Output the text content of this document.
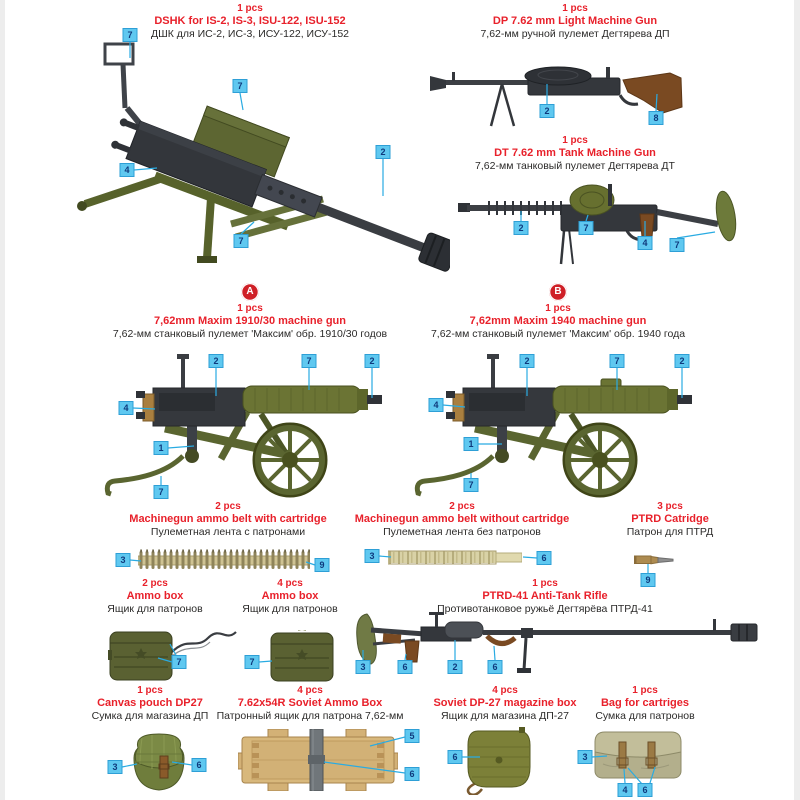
1 pcs
DSHK for IS-2, IS-3, ISU-122, ISU-152
ДШК для ИС-2, ИС-3, ИСУ-122, ИСУ-152
1 pcs
DP 7.62 mm Light Machine Gun
7,62-мм ручной пулемет Дегтярева ДП
1 pcs
DT 7.62 mm Tank Machine Gun
7,62-мм танковый пулемет Дегтярева ДТ
A	B
1 pcs
7,62mm Maxim 1910/30 machine gun
7,62-мм станковый пулемет 'Максим' обр. 1910/30 годов
1 pcs
7,62mm Maxim 1940 machine gun
7,62-мм станковый пулемет 'Максим' обр. 1940 года
2 pcs
Machinegun ammo belt with cartridge
Пулеметная лента с патронами
2 pcs
Machinegun ammo belt without cartridge
Пулеметная лента без патронов
3 pcs
PTRD Catridge
Патрон для ПТРД
2 pcs
Ammo box
Ящик для патронов
4 pcs
Ammo box
Ящик для патронов
1 pcs
PTRD-41 Anti-Tank Rifle
Противотанковое ружьё Дегтярёва ПТРД-41
1 pcs
Canvas pouch DP27
Сумка для магазина ДП
4 pcs
7.62x54R Soviet Ammo Box
Патронный ящик для патрона 7,62-мм
4 pcs
Soviet DP-27 magazine box
Ящик для магазина ДП-27
1 pcs
Bag for cartriges
Сумка для патронов
7
7
2
4
7
2
8
2	7
4	7
2	7	2
4
1
7
2	7	2
4
1
7
3	9
3	6
9
7	7	3	6	2	6
3	6
5
6
6	3
4	6
